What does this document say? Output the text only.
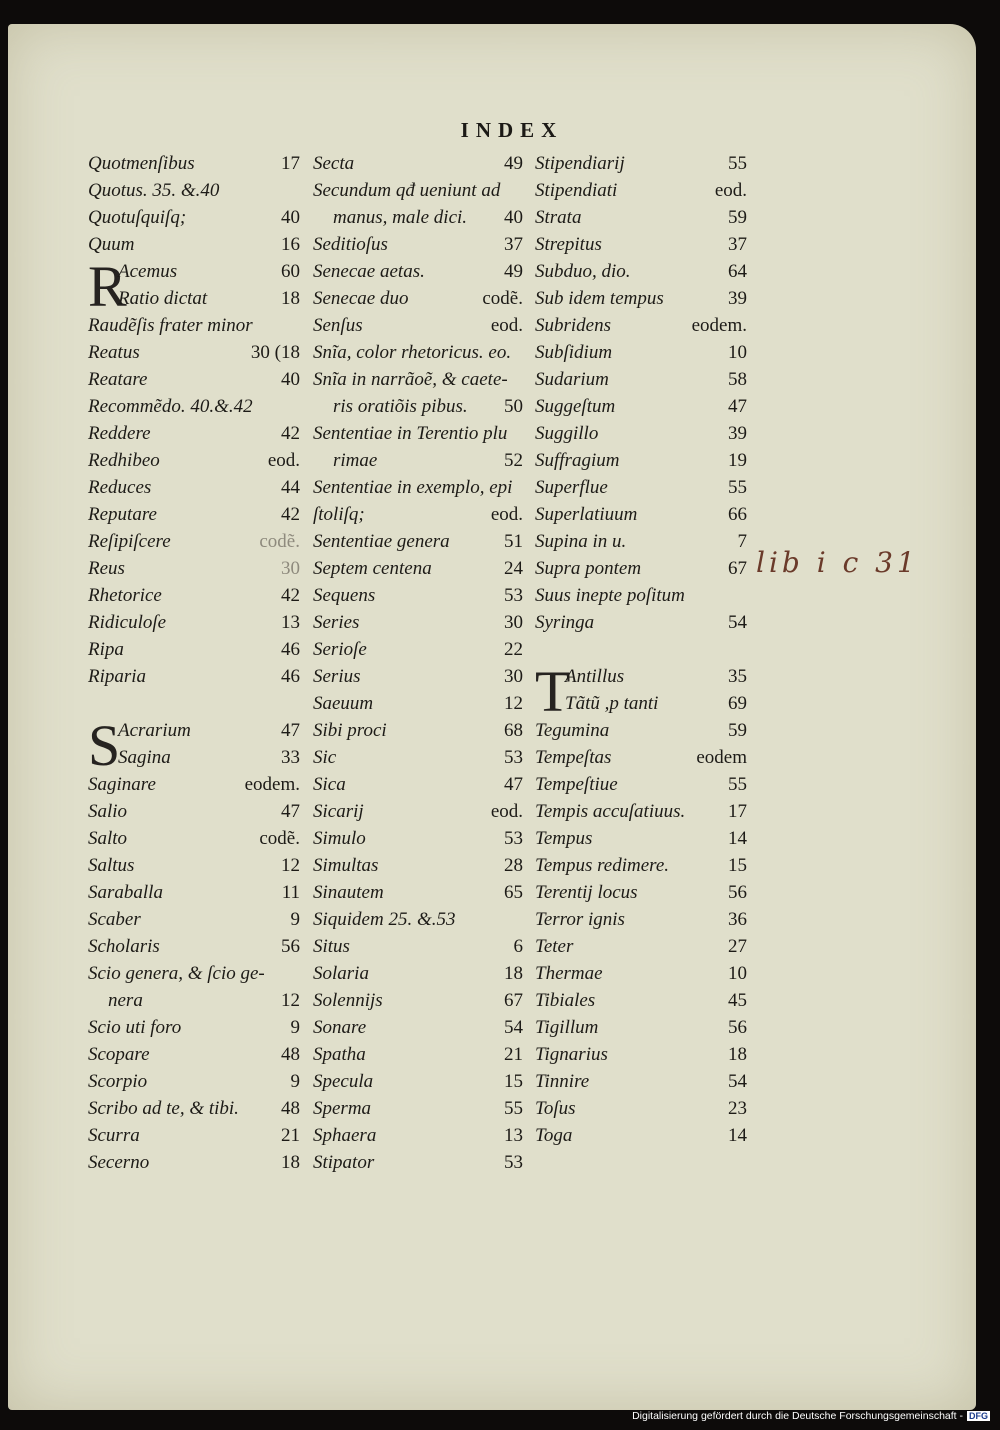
INDEX
Quotmenſibus	17
Quotus. 35. &.40
Quotuſquiſq;	40
Quum	16
R
Acemus	60
Ratio dictat	18
Raudẽſis frater minor
Reatus	30 (18
Reatare	40
Recommẽdo. 40.&.42
Reddere	42
Redhibeo	eod.
Reduces	44
Reputare	42
Reſipiſcere	codẽ.
Reus	30
Rhetorice	42
Ridiculoſe	13
Ripa	46
Riparia	46
S
Acrarium	47
Sagina	33
Saginare	eodem.
Salio	47
Salto	codẽ.
Saltus	12
Saraballa	11
Scaber	9
Scholaris	56
Scio genera, & ſcio ge-
nera	12
Scio uti foro	9
Scopare	48
Scorpio	9
Scribo ad te, & tibi. 48
Scurra	21
Secerno	18
Secta	49
Secundum qđ ueniunt ad
manus, male dici. 40
Seditioſus	37
Senecae aetas.	49
Senecae duo	codẽ.
Senſus	eod.
Snĩa, color rhetoricus. eo.
Snĩa in narrãoẽ, & caete-
ris oratiõis pibus. 50
Sententiae in Terentio plu
rimae	52
Sententiae in exemplo, epi
ſtoliſq;	eod.
Sententiae genera	51
Septem centena	24
Sequens	53
Series	30
Serioſe	22
Serius	30
Saeuum	12
Sibi proci	68
Sic	53
Sica	47
Sicarij	eod.
Simulo	53
Simultas	28
Sinautem	65
Siquidem 25. &.53
Situs	6
Solaria	18
Solennijs	67
Sonare	54
Spatha	21
Specula	15
Sperma	55
Sphaera	13
Stipator	53
Stipendiarij	55
Stipendiati	eod.
Strata	59
Strepitus	37
Subduo, dio.	64
Sub idem tempus	39
Subridens	eodem.
Subſidium	10
Sudarium	58
Suggeſtum	47
Suggillo	39
Suffragium	19
Superflue	55
Superlatiuum	66
Supina in u.	7
Supra pontem	67
Suus inepte poſitum
Syringa	54
T
Antillus	35
Tãtũ ,p tanti	69
Tegumina	59
Tempeſtas	eodem
Tempeſtiue	55
Tempis accuſatiuus. 17
Tempus	14
Tempus redimere.	15
Terentij locus	56
Terror ignis	36
Teter	27
Thermae	10
Tibiales	45
Tigillum	56
Tignarius	18
Tinnire	54
Toſus	23
Toga	14
lib i c 31
Digitalisierung gefördert durch die Deutsche Forschungsgemeinschaft - DFG
